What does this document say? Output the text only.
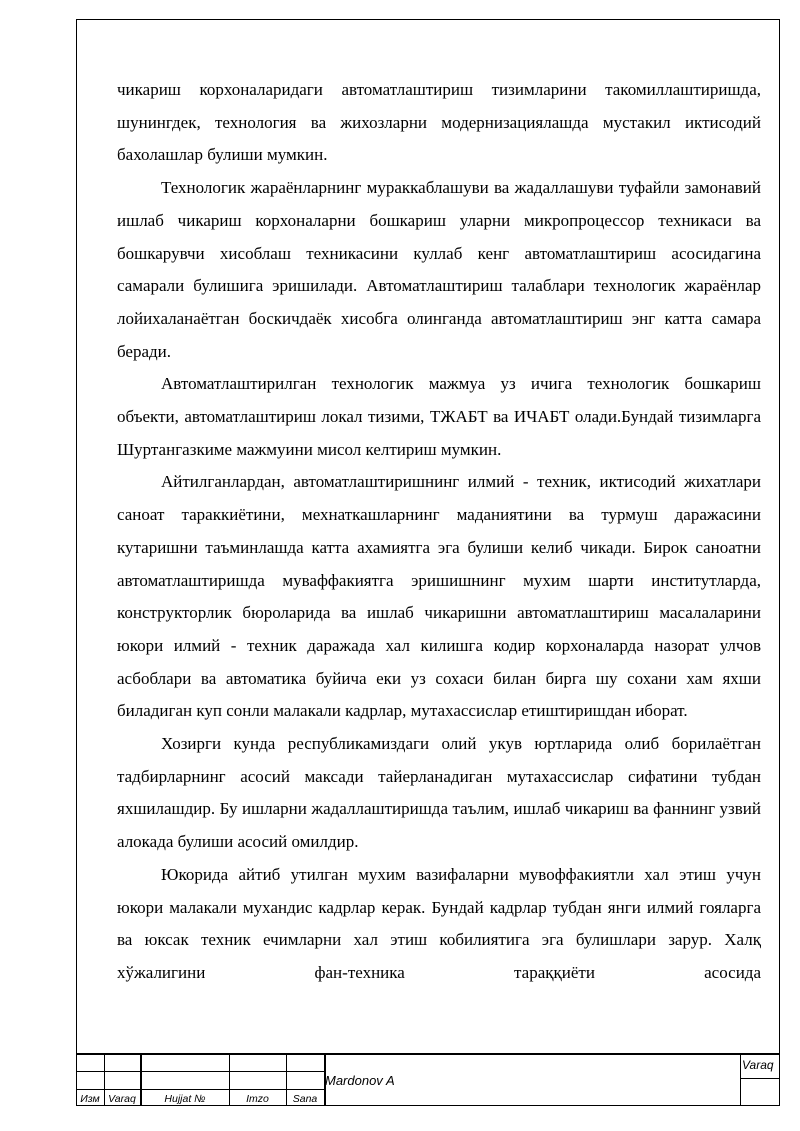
чикариш корхоналаридаги автоматлаштириш тизимларини такомиллаштиришда, шунингдек, технология ва жихозларни модернизациялашда мустакил иктисодий бахолашлар булиши мумкин.

Технологик жараёнларнинг мураккаблашуви ва жадаллашуви туфайли замонавий ишлаб чикариш корхоналарни бошкариш уларни микропроцессор техникаси ва бошкарувчи хисоблаш техникасини куллаб кенг автоматлаштириш асосидагина самарали булишига эришилади. Автоматлаштириш талаблари технологик жараёнлар лойихаланаётган боскичдаёк хисобга олинганда автоматлаштириш энг катта самара беради.

Автоматлаштирилган технологик мажмуа уз ичига технологик бошкариш объекти, автоматлаштириш локал тизими, ТЖАБТ ва ИЧАБТ олади.Бундай тизимларга Шуртангазкиме мажмуини мисол келтириш мумкин.

Айтилганлардан, автоматлаштиришнинг илмий - техник, иктисодий жихатлари саноат тараккиётини, мехнаткашларнинг маданиятини ва турмуш даражасини кутаришни таъминлашда катта ахамиятга эга булиши келиб чикади. Бирок саноатни автоматлаштиришда муваффакиятга эришишнинг мухим шарти институтларда, конструкторлик бюроларида ва ишлаб чикаришни автоматлаштириш масалаларини юкори илмий - техник даражада хал килишга кодир корхоналарда назорат улчов асбоблари ва автоматика буйича еки уз сохаси билан бирга шу сохани хам яхши биладиган куп сонли малакали кадрлар, мутахассислар етиштиришдан иборат.

Хозирги кунда республикамиздаги олий укув юртларида олиб борилаётган тадбирларнинг асосий максади тайерланадиган мутахассислар сифатини тубдан яхшилашдир. Бу ишларни жадаллаштиришда таълим, ишлаб чикариш ва фаннинг узвий алокада булиши асосий омилдир.

Юкорида айтиб утилган мухим вазифаларни мувоффакиятли хал этиш учун юкори малакали мухандис кадрлар керак. Бундай кадрлар тубдан янги илмий гояларга ва юксак техник ечимларни хал этиш кобилиятига эга булишлари зарур. Халқ хўжалигини фан-техника тараққиёти асосида

Изм Varaq	Hujjat №	Imzo	Sana
Mardonov A
Varaq
